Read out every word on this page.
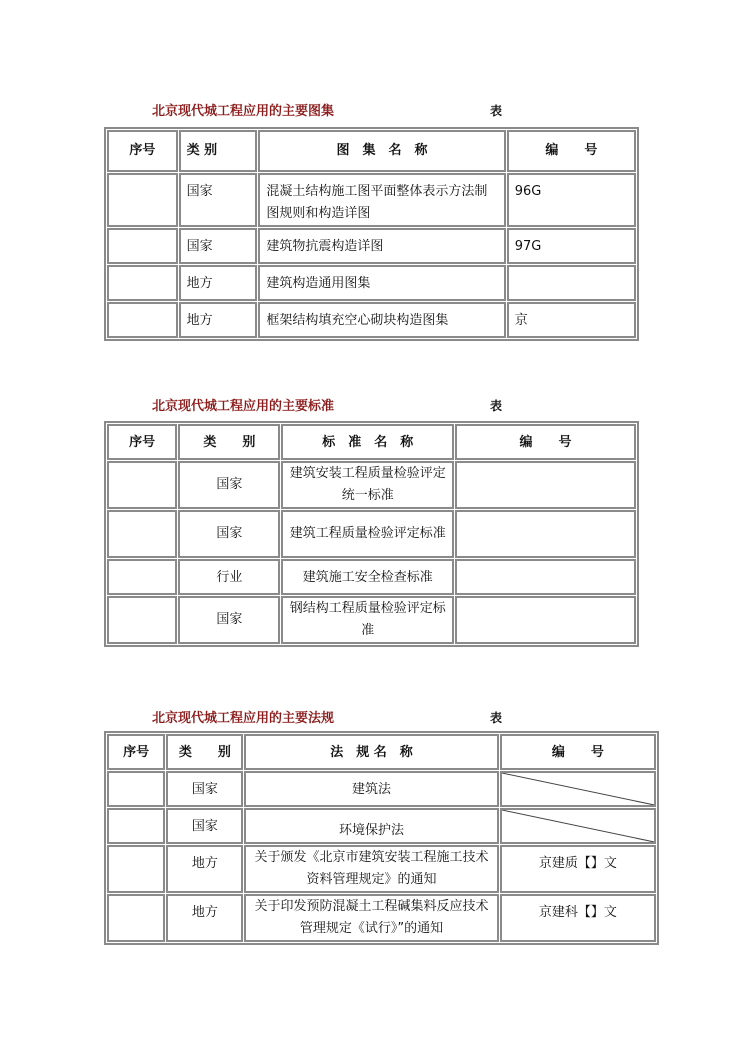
北京现代城工程应用的主要图集	表
序号	类 别	图　集　名　称	编　　号
	国家	混凝土结构施工图平面整体表示方法制图规则和构造详图	96G
	国家	建筑物抗震构造详图	97G
	地方	建筑构造通用图集	
	地方	框架结构填充空心砌块构造图集	京
北京现代城工程应用的主要标准	表
序号	类　　别	标　准　名　称	编　　号
	国家	建筑安装工程质量检验评定统一标准	
	国家	建筑工程质量检验评定标准	
	行业	建筑施工安全检查标准	
	国家	钢结构工程质量检验评定标准	
北京现代城工程应用的主要法规	表
序号	类　　别	法　规 名　称	编　　号
	国家	建筑法	

	国家	环境保护法	

	地方	关于颁发《北京市建筑安装工程施工技术资料管理规定》的通知	京建质【】文
	地方	关于印发预防混凝土工程碱集料反应技术管理规定《试行》”的通知	京建科【】文
